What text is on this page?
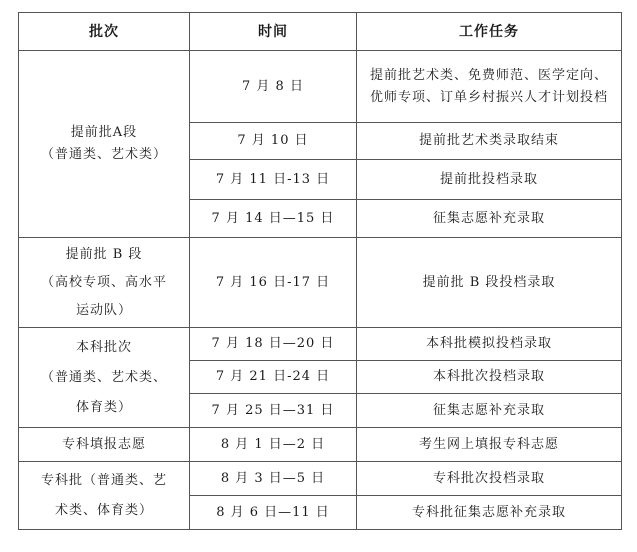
批次	时间	工作任务

提前批A段
（普通类、艺术类）	7 月 8 日	提前批艺术类、免费师范、医学定向、
优师专项、订单乡村振兴人才计划投档

	7 月 10 日	提前批艺术类录取结束
	7 月 11 日-13 日	提前批投档录取
	7 月 14 日—15 日	征集志愿补充录取

提前批 B 段
（高校专项、高水平
运动队）	7 月 16 日-17 日	提前批 B 段投档录取

本科批次
（普通类、艺术类、
体育类）	7 月 18 日—20 日	本科批模拟投档录取
	7 月 21 日-24 日	本科批次投档录取
	7 月 25 日—31 日	征集志愿补充录取

专科填报志愿	8 月 1 日—2 日	考生网上填报专科志愿

专科批（普通类、艺
术类、体育类）	8 月 3 日—5 日	专科批次投档录取
	8 月 6 日—11 日	专科批征集志愿补充录取
